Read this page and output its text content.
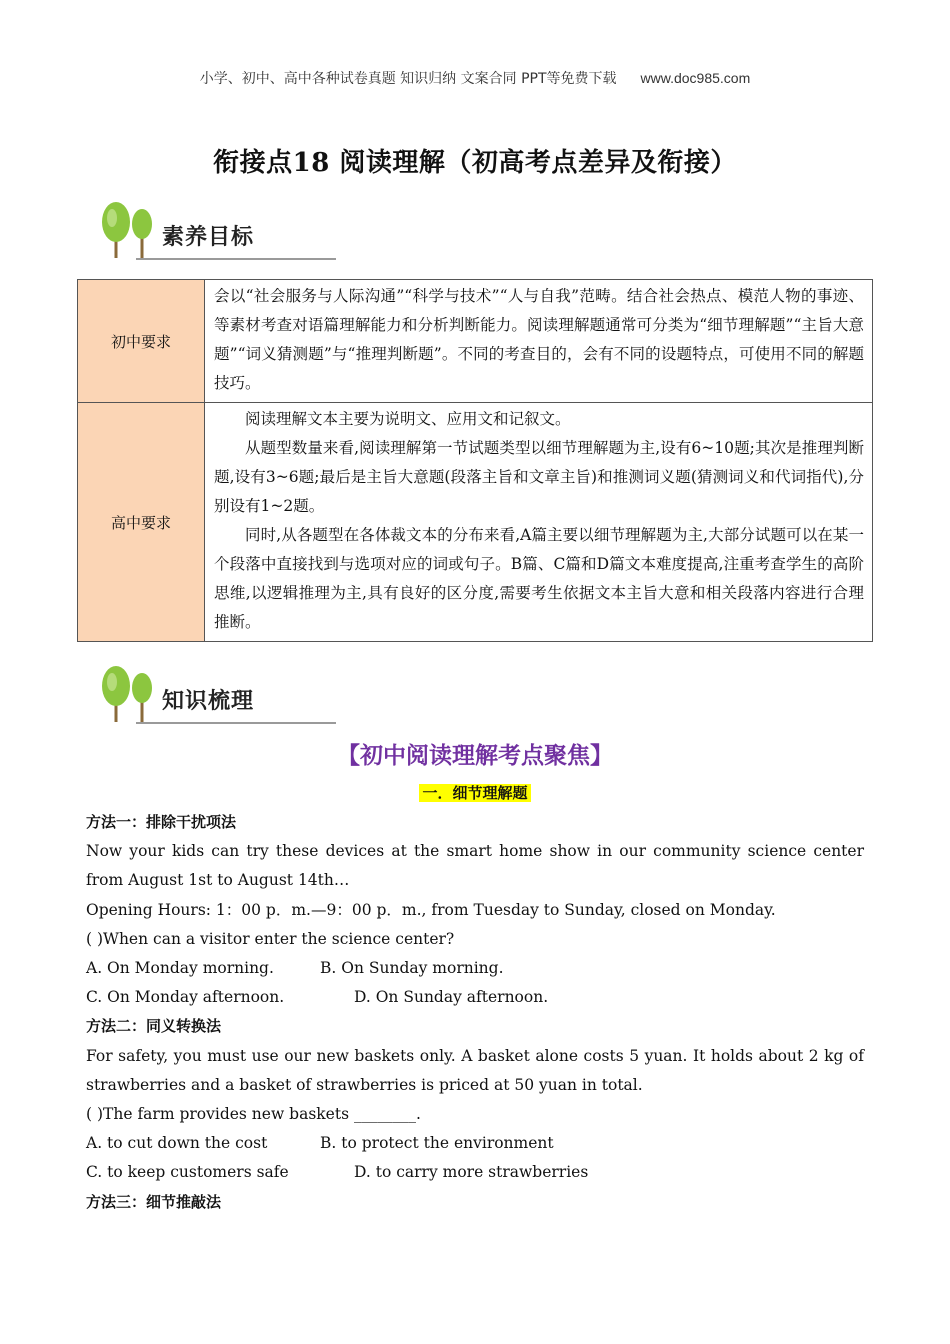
小学、初中、高中各种试卷真题 知识归纳 文案合同 PPT等免费下载 www.doc985.com
衔接点18 阅读理解（初高考点差异及衔接）
素养目标
初中要求	会以“社会服务与人际沟通”“科学与技术”“人与自我”范畴。结合社会热点、模范人物的事迹、等素材考查对语篇理解能力和分析判断能力。阅读理解题通常可分类为“细节理解题”“主旨大意题”“词义猜测题”与“推理判断题”。不同的考查目的，会有不同的设题特点，可使用不同的解题技巧。

高中要求	阅读理解文本主要为说明文、应用文和记叙文。

从题型数量来看,阅读理解第一节试题类型以细节理解题为主,设有6~10题;其次是推理判断题,设有3~6题;最后是主旨大意题(段落主旨和文章主旨)和推测词义题(猜测词义和代词指代),分别设有1~2题。

同时,从各题型在各体裁文本的分布来看,A篇主要以细节理解题为主,大部分试题可以在某一个段落中直接找到与选项对应的词或句子。B篇、C篇和D篇文本难度提高,注重考查学生的高阶思维,以逻辑推理为主,具有良好的区分度,需要考生依据文本主旨大意和相关段落内容进行合理推断。

知识梳理
【初中阅读理解考点聚焦】
一．细节理解题

方法一：排除干扰项法

Now your kids can try these devices at the smart home show in our community science center from August 1st to August 14th…

Opening Hours: 1：00 p．m.—9：00 p．m., from Tuesday to Sunday, closed on Monday.

( )When can a visitor enter the science center?

A. On Monday morning.	B. On Sunday morning.
C. On Monday afternoon.	D. On Sunday afternoon.

方法二：同义转换法

For safety, you must use our new baskets only. A basket alone costs 5 yuan. It holds about 2 kg of strawberries and a basket of strawberries is priced at 50 yuan in total.

( )The farm provides new baskets ________.

A. to cut down the cost	B. to protect the environment
C. to keep customers safe	D. to carry more strawberries

方法三：细节推敲法
